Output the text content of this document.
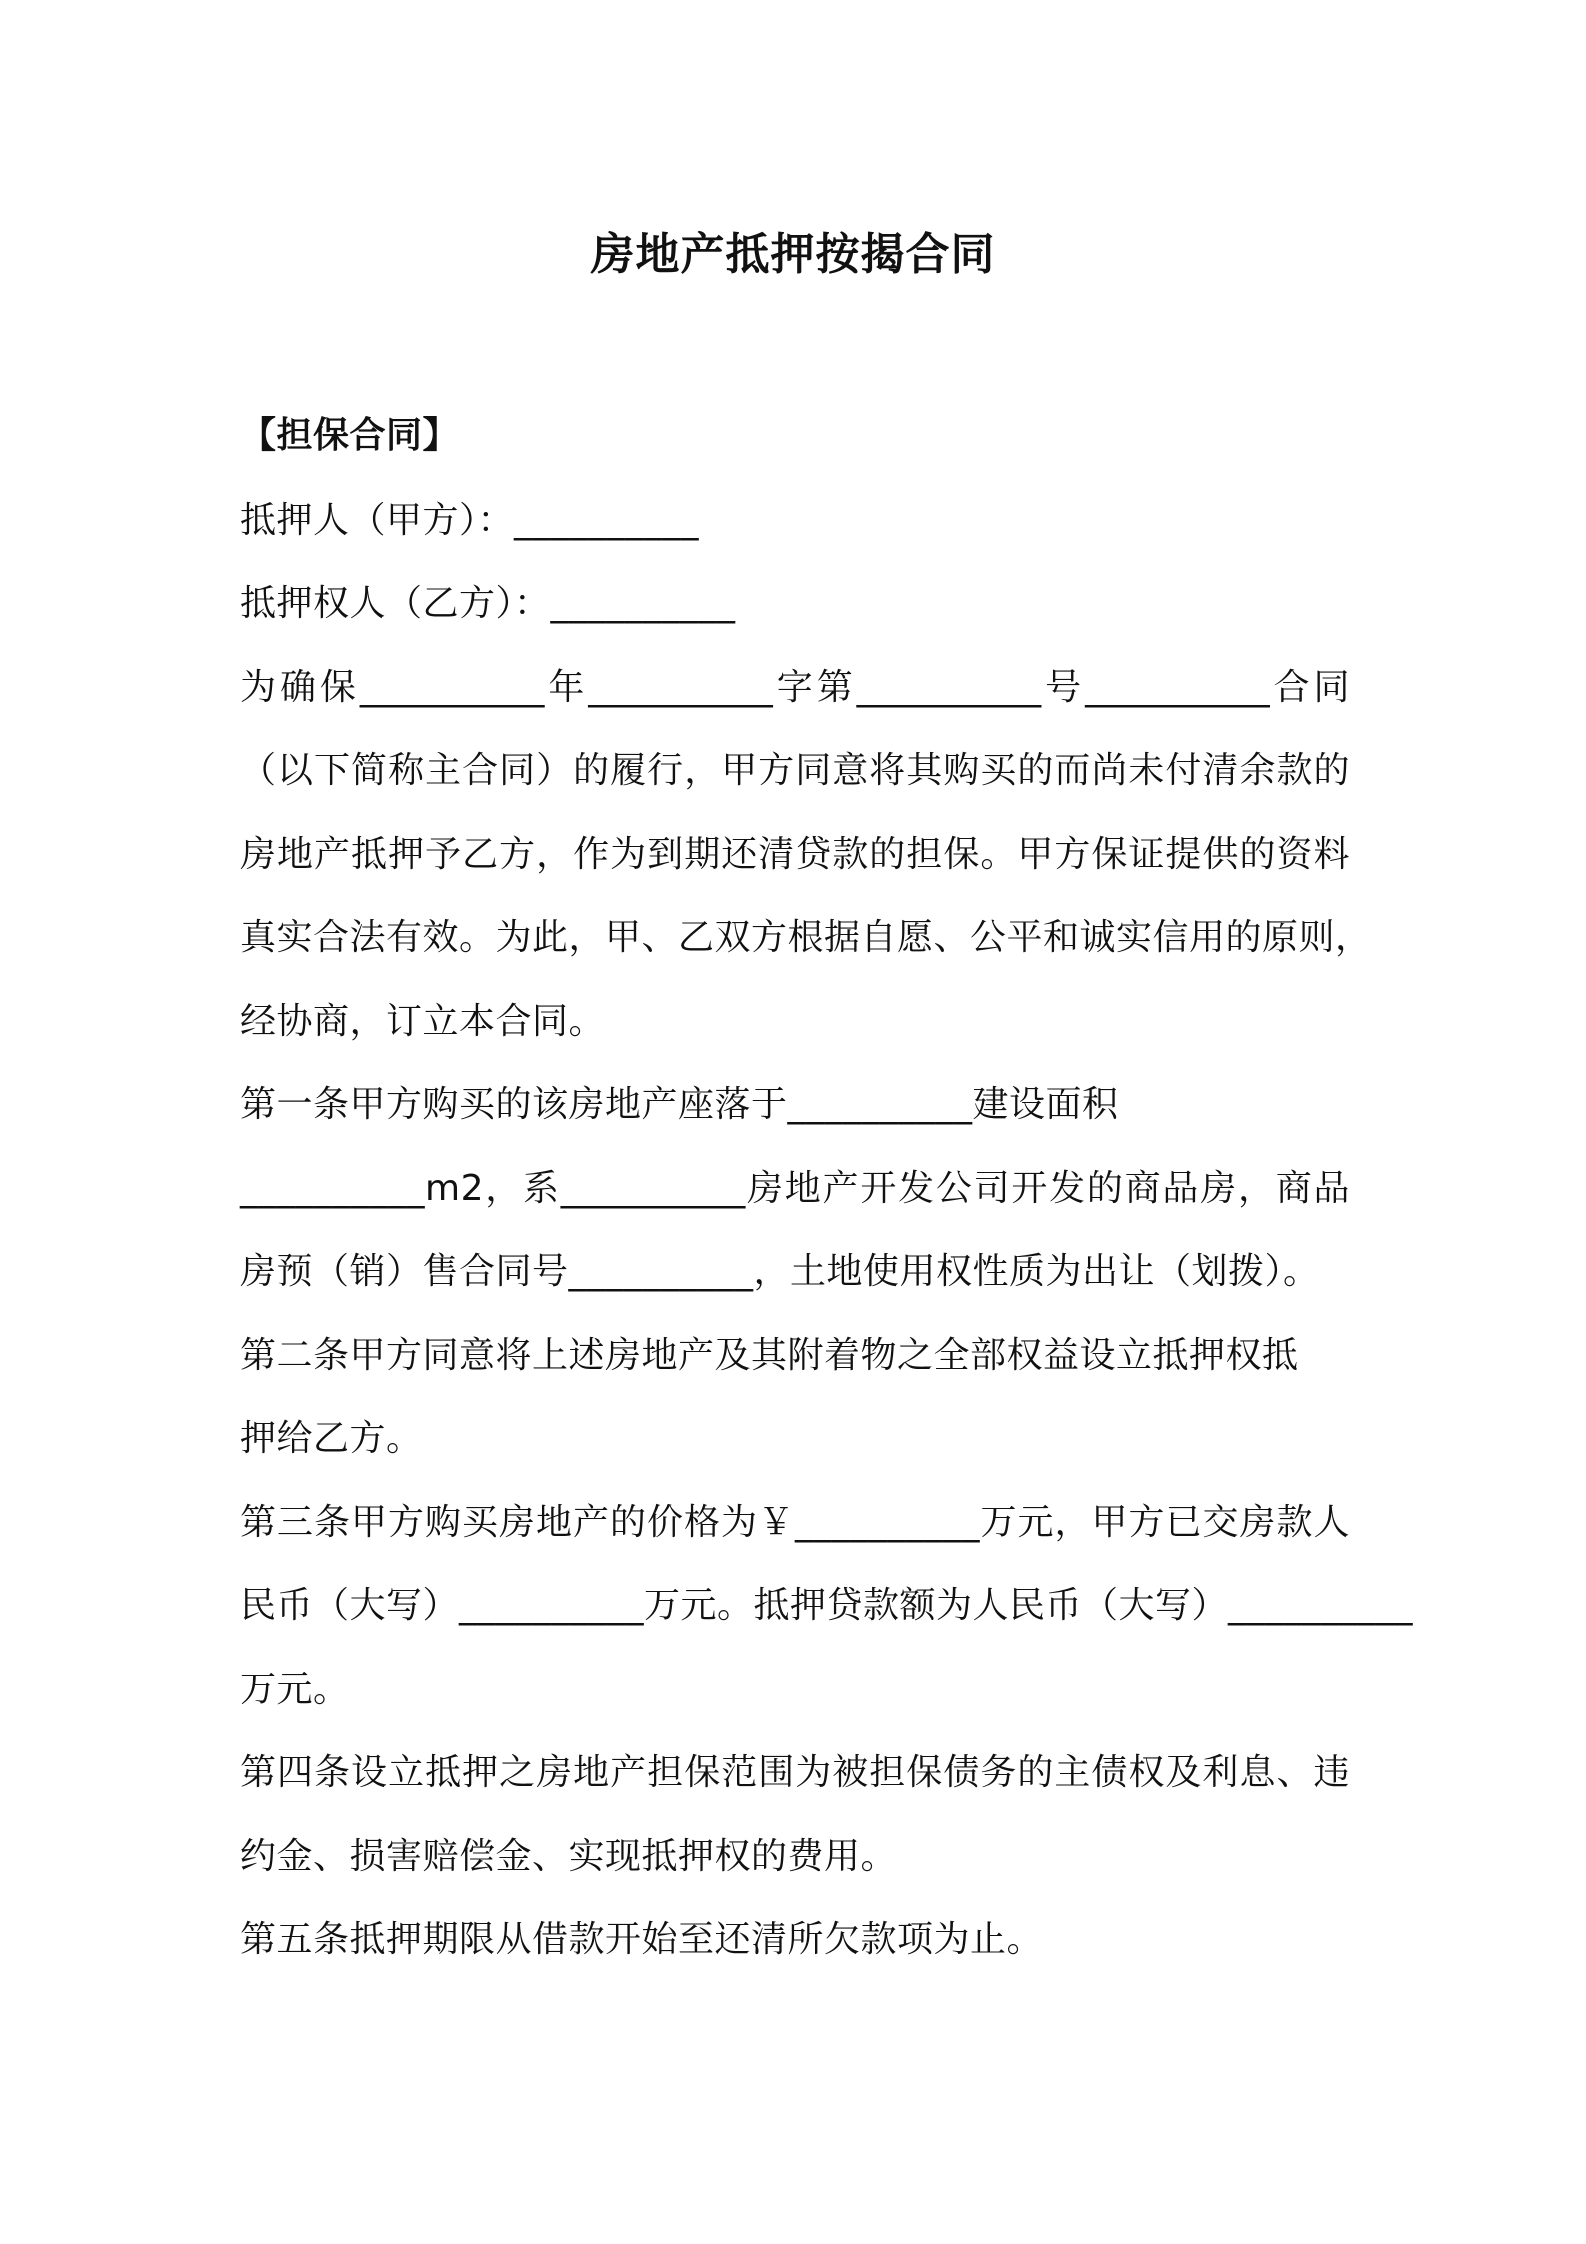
房地产抵押按揭合同
【担保合同】
抵押人（甲方）：__________
抵押权人（乙方）：__________
为确保__________年__________字第__________号__________合同
（以下简称主合同）的履行，甲方同意将其购买的而尚未付清余款的
房地产抵押予乙方，作为到期还清贷款的担保。甲方保证提供的资料
真实合法有效。为此，甲、乙双方根据自愿、公平和诚实信用的原则，
经协商，订立本合同。
第一条甲方购买的该房地产座落于__________建设面积
__________m2，系__________房地产开发公司开发的商品房，商品
房预（销）售合同号__________，土地使用权性质为出让（划拨）。
第二条甲方同意将上述房地产及其附着物之全部权益设立抵押权抵
押给乙方。
第三条甲方购买房地产的价格为￥__________万元，甲方已交房款人
民币（大写）__________万元。抵押贷款额为人民币（大写）__________
万元。
第四条设立抵押之房地产担保范围为被担保债务的主债权及利息、违
约金、损害赔偿金、实现抵押权的费用。
第五条抵押期限从借款开始至还清所欠款项为止。
